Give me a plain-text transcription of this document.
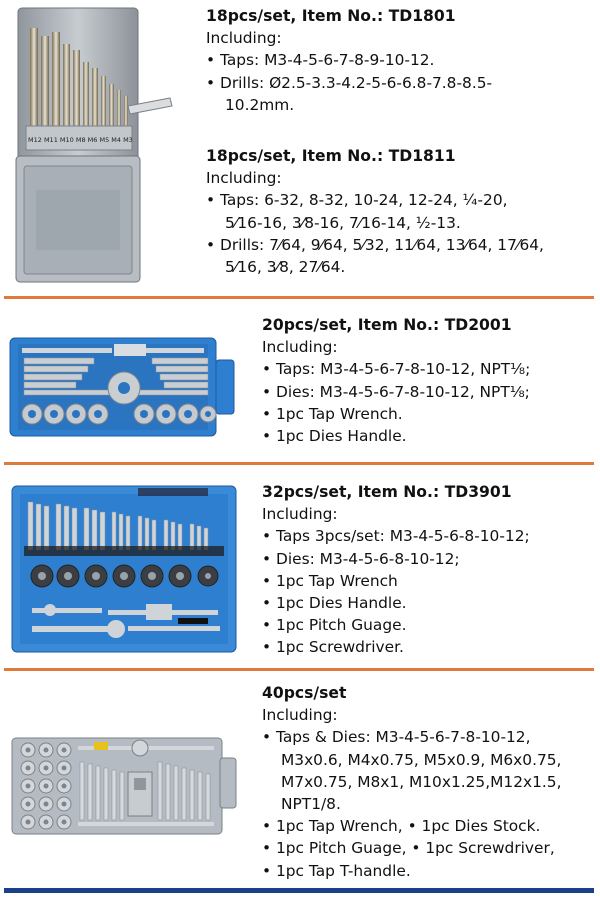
M12 M11 M10 M8 M6 M5 M4 M3
18pcs/set, Item No.: TD1801
Including:
• Taps: M3-4-5-6-7-8-9-10-12.
• Drills: Ø2.5-3.3-4.2-5-6-6.8-7.8-8.5-
10.2mm.
18pcs/set, Item No.: TD1811
Including:
• Taps: 6-32, 8-32, 10-24, 12-24, ¼-20,
5⁄16-16, 3⁄8-16, 7⁄16-14, ½-13.
• Drills: 7⁄64, 9⁄64, 5⁄32, 11⁄64, 13⁄64, 17⁄64,
5⁄16, 3⁄8, 27⁄64.
20pcs/set, Item No.: TD2001
Including:
• Taps: M3-4-5-6-7-8-10-12, NPT⅛;
• Dies: M3-4-5-6-7-8-10-12, NPT⅛;
• 1pc Tap Wrench.
• 1pc Dies Handle.
32pcs/set, Item No.: TD3901
Including:
• Taps 3pcs/set: M3-4-5-6-8-10-12;
• Dies: M3-4-5-6-8-10-12;
• 1pc Tap Wrench
• 1pc Dies Handle.
• 1pc Pitch Guage.
• 1pc Screwdriver.
40pcs/set
Including:
• Taps & Dies: M3-4-5-6-7-8-10-12,
M3x0.6, M4x0.75, M5x0.9, M6x0.75,
M7x0.75, M8x1, M10x1.25,M12x1.5,
NPT1/8.
• 1pc Tap Wrench, • 1pc Dies Stock.
• 1pc Pitch Guage, • 1pc Screwdriver,
• 1pc Tap T-handle.
